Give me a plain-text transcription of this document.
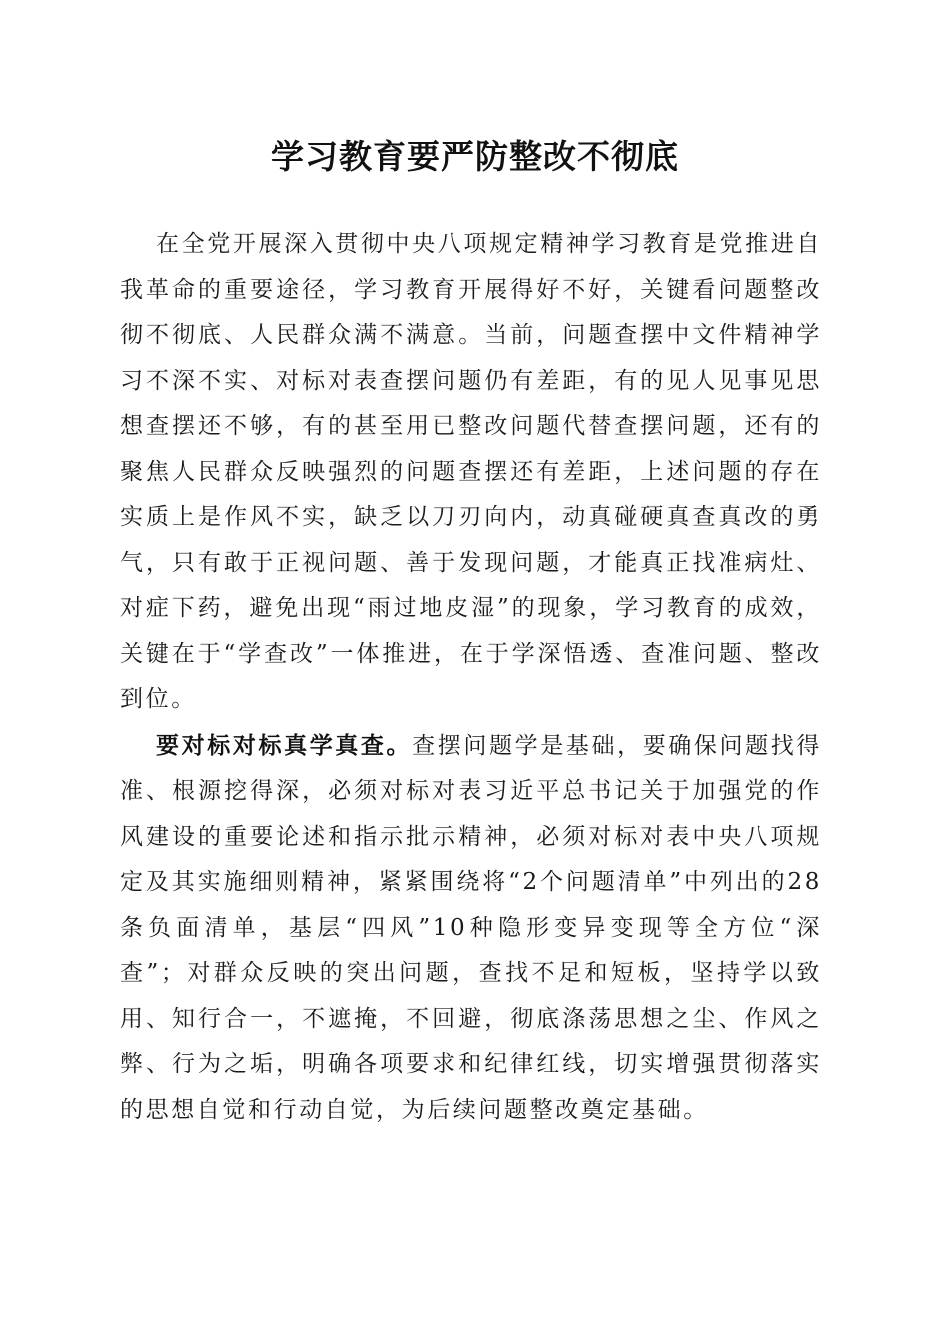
学习教育要严防整改不彻底

在全党开展深入贯彻中央八项规定精神学习教育是党推进自我革命的重要途径，学习教育开展得好不好，关键看问题整改彻不彻底、人民群众满不满意。当前，问题查摆中文件精神学习不深不实、对标对表查摆问题仍有差距，有的见人见事见思想查摆还不够，有的甚至用已整改问题代替查摆问题，还有的聚焦人民群众反映强烈的问题查摆还有差距，上述问题的存在实质上是作风不实，缺乏以刀刃向内，动真碰硬真查真改的勇气，只有敢于正视问题、善于发现问题，才能真正找准病灶、对症下药，避免出现“雨过地皮湿”的现象，学习教育的成效，关键在于“学查改”一体推进，在于学深悟透、查准问题、整改到位。

要对标对标真学真查。查摆问题学是基础，要确保问题找得准、根源挖得深，必须对标对表习近平总书记关于加强党的作风建设的重要论述和指示批示精神，必须对标对表中央八项规定及其实施细则精神，紧紧围绕将“2个问题清单”中列出的28条负面清单，基层“四风”10种隐形变异变现等全方位“深查”；对群众反映的突出问题，查找不足和短板，坚持学以致用、知行合一，不遮掩，不回避，彻底涤荡思想之尘、作风之弊、行为之垢，明确各项要求和纪律红线，切实增强贯彻落实的思想自觉和行动自觉，为后续问题整改奠定基础。
